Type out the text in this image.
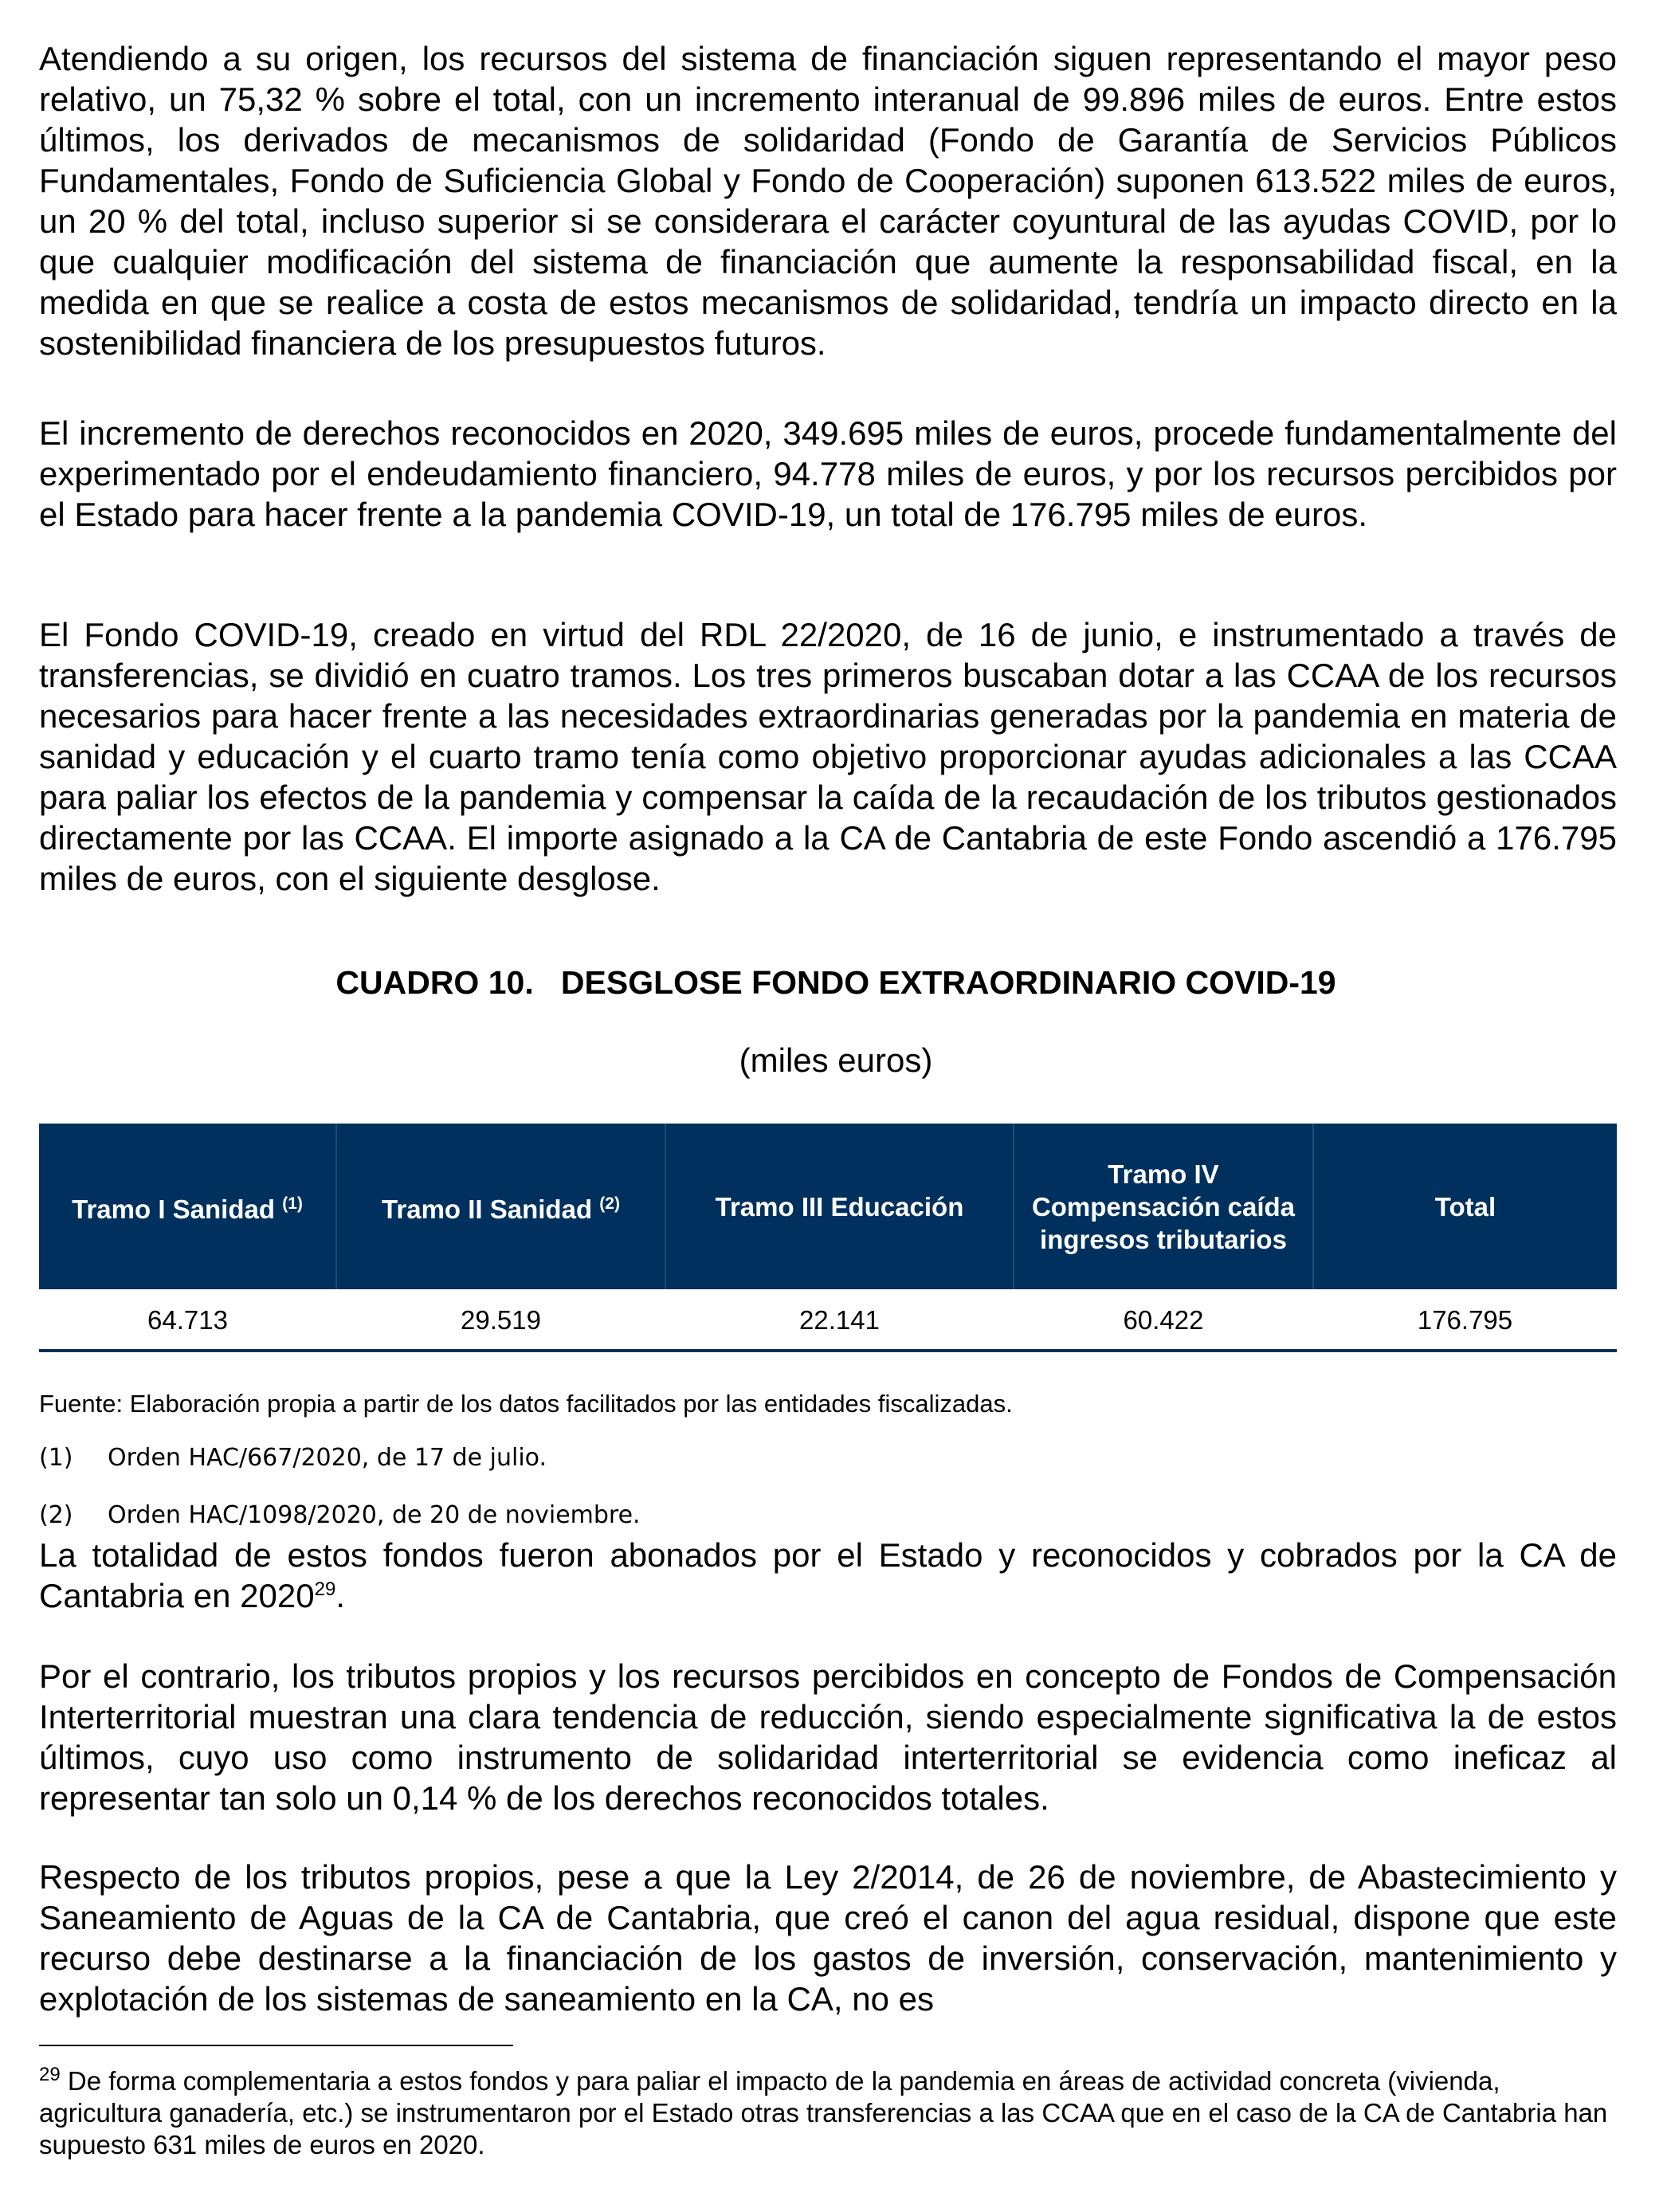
Atendiendo a su origen, los recursos del sistema de financiación siguen representando el mayor peso relativo, un 75,32 % sobre el total, con un incremento interanual de 99.896 miles de euros. Entre estos últimos, los derivados de mecanismos de solidaridad (Fondo de Garantía de Servicios Públicos Fundamentales, Fondo de Suficiencia Global y Fondo de Cooperación) suponen 613.522 miles de euros, un 20 % del total, incluso superior si se considerara el carácter coyuntural de las ayudas COVID, por lo que cualquier modificación del sistema de financiación que aumente la responsabilidad fiscal, en la medida en que se realice a costa de estos mecanismos de solidaridad, tendría un impacto directo en la sostenibilidad financiera de los presupuestos futuros.

El incremento de derechos reconocidos en 2020, 349.695 miles de euros, procede fundamentalmente del experimentado por el endeudamiento financiero, 94.778 miles de euros, y por los recursos percibidos por el Estado para hacer frente a la pandemia COVID-19, un total de 176.795 miles de euros.

El Fondo COVID-19, creado en virtud del RDL 22/2020, de 16 de junio, e instrumentado a través de transferencias, se dividió en cuatro tramos. Los tres primeros buscaban dotar a las CCAA de los recursos necesarios para hacer frente a las necesidades extraordinarias generadas por la pandemia en materia de sanidad y educación y el cuarto tramo tenía como objetivo proporcionar ayudas adicionales a las CCAA para paliar los efectos de la pandemia y compensar la caída de la recaudación de los tributos gestionados directamente por las CCAA. El importe asignado a la CA de Cantabria de este Fondo ascendió a 176.795 miles de euros, con el siguiente desglose.

CUADRO 10.   DESGLOSE FONDO EXTRAORDINARIO COVID-19

(miles euros)

Tramo I Sanidad $^{(1)}$	Tramo II Sanidad $^{(2)}$	Tramo III Educación	Tramo IV Compensación caída ingresos tributarios	Total
64.713	29.519	22.141	60.422	176.795

Fuente: Elaboración propia a partir de los datos facilitados por las entidades fiscalizadas.

(1) Orden HAC/667/2020, de 17 de julio.

(2) Orden HAC/1098/2020, de 20 de noviembre.

La totalidad de estos fondos fueron abonados por el Estado y reconocidos y cobrados por la CA de Cantabria en 2020$^{29}$.

Por el contrario, los tributos propios y los recursos percibidos en concepto de Fondos de Compensación Interterritorial muestran una clara tendencia de reducción, siendo especialmente significativa la de estos últimos, cuyo uso como instrumento de solidaridad interterritorial se evidencia como ineficaz al representar tan solo un 0,14 % de los derechos reconocidos totales.

Respecto de los tributos propios, pese a que la Ley 2/2014, de 26 de noviembre, de Abastecimiento y Saneamiento de Aguas de la CA de Cantabria, que creó el canon del agua residual, dispone que este recurso debe destinarse a la financiación de los gastos de inversión, conservación, mantenimiento y explotación de los sistemas de saneamiento en la CA, no es

$^{29}$ De forma complementaria a estos fondos y para paliar el impacto de la pandemia en áreas de actividad concreta (vivienda, agricultura ganadería, etc.) se instrumentaron por el Estado otras transferencias a las CCAA que en el caso de la CA de Cantabria han supuesto 631 miles de euros en 2020.
